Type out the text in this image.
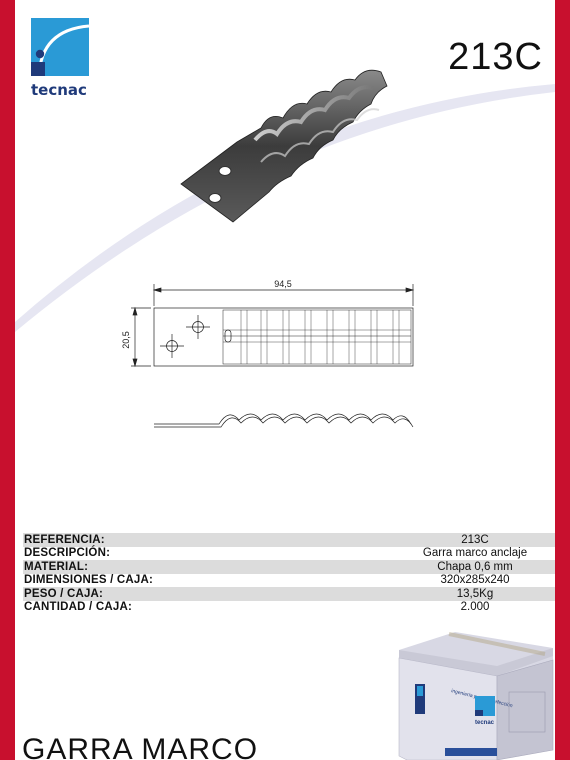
tecnac
213C
94,5
20,5
REFERENCIA:	213C
DESCRIPCIÓN:	Garra marco anclaje
MATERIAL:	Chapa 0,6 mm
DIMENSIONES / CAJA:	320x285x240
PESO / CAJA:	13,5Kg
CANTIDAD / CAJA:	2.000
ingeniería perfección
tecnac
GARRA MARCO
